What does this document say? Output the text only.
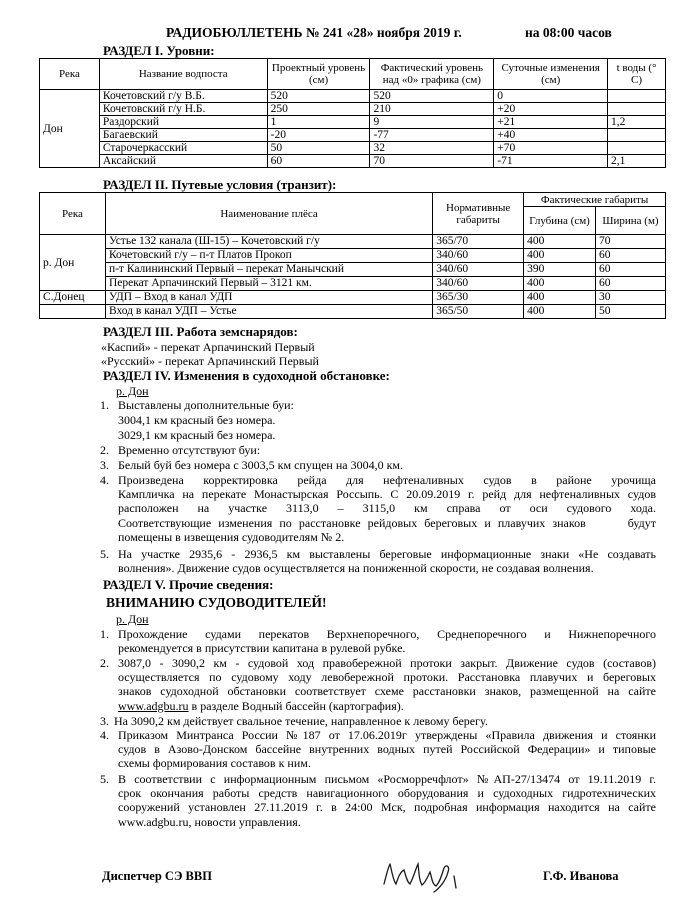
РАДИОБЮЛЛЕТЕНЬ № 241 «28» ноября 2019 г.	на 08:00 часов
РАЗДЕЛ I. Уровни:
Река	Название водпоста	Проектный уровень (см)	Фактический уровень над «0» графика (см)	Суточные изменения (см)	t воды (° С)
Дон	Кочетовский г/у В.Б.	520	520	0	
	Кочетовский г/у Н.Б.	250	210	+20	
	Раздорский	1	9	+21	1,2
	Багаевский	-20	-77	+40	
	Старочеркасский	50	32	+70	
	Аксайский	60	70	-71	2,1
РАЗДЕЛ II. Путевые условия (транзит):
Река	Наименование плёса	Нормативные габариты	Фактические габариты	
			Глубина (см)	Ширина (м)
р. Дон	Устье 132 канала (Ш-15) – Кочетовский г/у	365/70	400	70
	Кочетовский г/у – п-т Платов Прокоп	340/60	400	60
	п-т Калининский Первый – перекат Манычский	340/60	390	60
	Перекат Арпачинский Первый – 3121 км.	340/60	400	60
С.Донец	УДП – Вход в канал УДП	365/30	400	30
	Вход в канал УДП – Устье	365/50	400	50
РАЗДЕЛ III. Работа земснарядов:
«Каспий» - перекат Арпачинский Первый
«Русский» - перекат Арпачинский Первый
РАЗДЕЛ IV. Изменения в судоходной обстановке:
р. Дон
1. Выставлены дополнительные буи:
3004,1 км красный без номера.
3029,1 км красный без номера.
2. Временно отсутствуют буи:
3. Белый буй без номера с 3003,5 км спущен на 3004,0 км.
4. Произведена корректировка рейда для нефтеналивных судов в районе урочища
Кампличка на перекате Монастырская Россыпь. С 20.09.2019 г. рейд для нефтеналивных судов
расположен на участке 3113,0 – 3115,0 км справа от оси судового хода.
Соответствующие изменения по расстановке рейдовых береговых и плавучих знаков	будут
помещены в извещения судоводителям № 2.
5. На участке 2935,6 - 2936,5 км выставлены береговые информационные знаки «Не создавать
волнения». Движение судов осуществляется на пониженной скорости, не создавая волнения.
РАЗДЕЛ V. Прочие сведения:
ВНИМАНИЮ СУДОВОДИТЕЛЕЙ!
р. Дон
1. Прохождение судами перекатов Верхнепоречного, Среднепоречного и Нижнепоречного
рекомендуется в присутствии капитана в рулевой рубке.
2. 3087,0 - 3090,2 км - судовой ход правобережной протоки закрыт. Движение судов (составов)
осуществляется по судовому ходу левобережной протоки. Расстановка плавучих и береговых
знаков судоходной обстановки соответствует схеме расстановки знаков, размещенной на сайте
www.adgbu.ru в разделе Водный бассейн (картография).
3. На 3090,2 км действует свальное течение, направленное к левому берегу.
4. Приказом Минтранса России №187 от 17.06.2019г утверждены «Правила движения и стоянки
судов в Азово-Донском бассейне внутренних водных путей Российской Федерации» и типовые
схемы формирования составов к ним.
5. В соответствии с информационным письмом «Росморречфлот» №АП-27/13474 от 19.11.2019 г.
срок окончания работы средств навигационного оборудования и судоходных гидротехнических
сооружений установлен 27.11.2019 г. в 24:00 Мск, подробная информация находится на сайте
www.adgbu.ru, новости управления.
Диспетчер СЭ ВВП	Г.Ф. Иванова
